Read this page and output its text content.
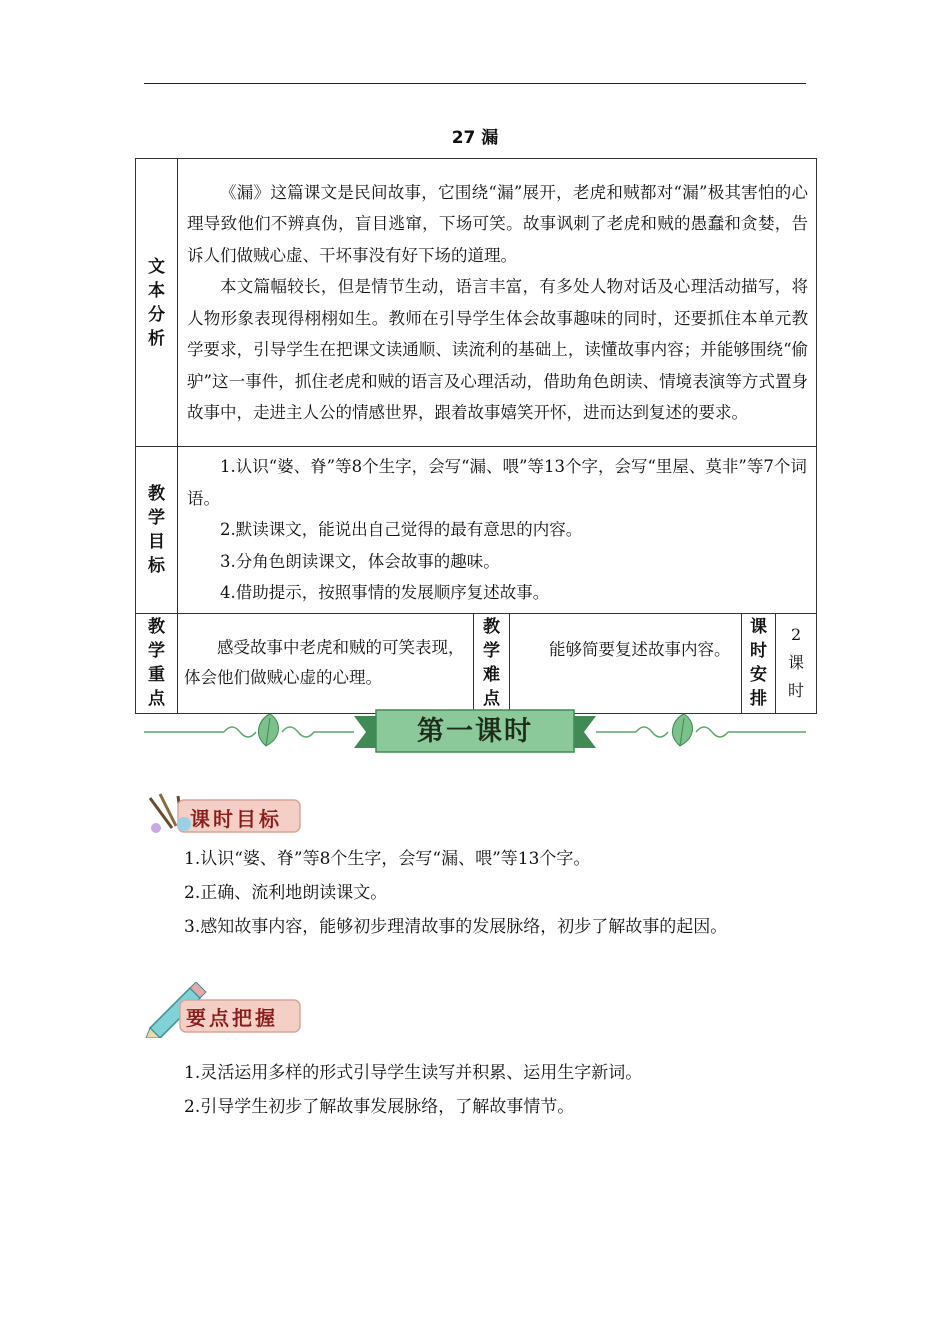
27 漏
文本分析	《漏》这篇课文是民间故事，它围绕“漏”展开，老虎和贼都对“漏”极其害怕的心理导致他们不辨真伪，盲目逃窜，下场可笑。故事讽刺了老虎和贼的愚蠢和贪婪，告诉人们做贼心虚、干坏事没有好下场的道理。

本文篇幅较长，但是情节生动，语言丰富，有多处人物对话及心理活动描写，将人物形象表现得栩栩如生。教师在引导学生体会故事趣味的同时，还要抓住本单元教学要求，引导学生在把课文读通顺、读流利的基础上，读懂故事内容；并能够围绕“偷驴”这一事件，抓住老虎和贼的语言及心理活动，借助角色朗读、情境表演等方式置身故事中，走进主人公的情感世界，跟着故事嬉笑开怀，进而达到复述的要求。				

教学目标	1.认识“婆、脊”等8个生字，会写“漏、喂”等13个字，会写“里屋、莫非”等7个词语。

2.默读课文，能说出自己觉得的最有意思的内容。

3.分角色朗读课文，体会故事的趣味。

4.借助提示，按照事情的发展顺序复述故事。				

教学重点	感受故事中老虎和贼的可笑表现，体会他们做贼心虚的心理。	教学难点	能够简要复述故事内容。	课时安排	2
课时
第一课时
课时目标
1.认识“婆、脊”等8个生字，会写“漏、喂”等13个字。
2.正确、流利地朗读课文。
3.感知故事内容，能够初步理清故事的发展脉络，初步了解故事的起因。
要点把握
1.灵活运用多样的形式引导学生读写并积累、运用生字新词。
2.引导学生初步了解故事发展脉络，了解故事情节。
